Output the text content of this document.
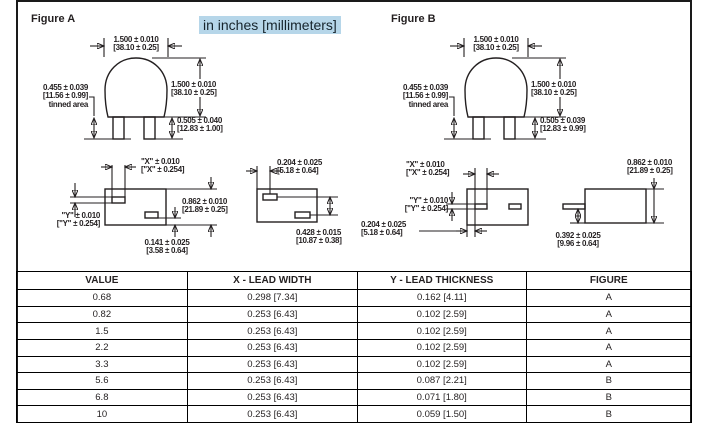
Figure A	Figure B
in inches [millimeters]
1.500 ± 0.010
[38.10 ± 0.25]
1.500 ± 0.010
[38.10 ± 0.25]
0.455 ± 0.039
[11.56 ± 0.99]
tinned area
0.505 ± 0.040
[12.83 ± 1.00]
"X" ± 0.010
["X" ± 0.254]
"Y" ± 0.010
["Y" ± 0.254]
0.862 ± 0.010
[21.89 ± 0.25]
0.141 ± 0.025
[3.58 ± 0.64]
0.204 ± 0.025
[5.18 ± 0.64]
0.428 ± 0.015
[10.87 ± 0.38]
1.500 ± 0.010
[38.10 ± 0.25]
1.500 ± 0.010
[38.10 ± 0.25]
0.455 ± 0.039
[11.56 ± 0.99]
tinned area
0.505 ± 0.039
[12.83 ± 0.99]
"X" ± 0.010
["X" ± 0.254]
"Y" ± 0.010
["Y" ± 0.254]
0.204 ± 0.025
[5.18 ± 0.64]
0.862 ± 0.010
[21.89 ± 0.25]
0.392 ± 0.025
[9.96 ± 0.64]
VALUE	X - LEAD WIDTH	Y - LEAD THICKNESS	FIGURE
0.68	0.298 [7.34]	0.162 [4.11]	A
0.82	0.253 [6.43]	0.102 [2.59]	A
1.5	0.253 [6.43]	0.102 [2.59]	A
2.2	0.253 [6.43]	0.102 [2.59]	A
3.3	0.253 [6.43]	0.102 [2.59]	A
5.6	0.253 [6.43]	0.087 [2.21]	B
6.8	0.253 [6.43]	0.071 [1.80]	B
10	0.253 [6.43]	0.059 [1.50]	B
